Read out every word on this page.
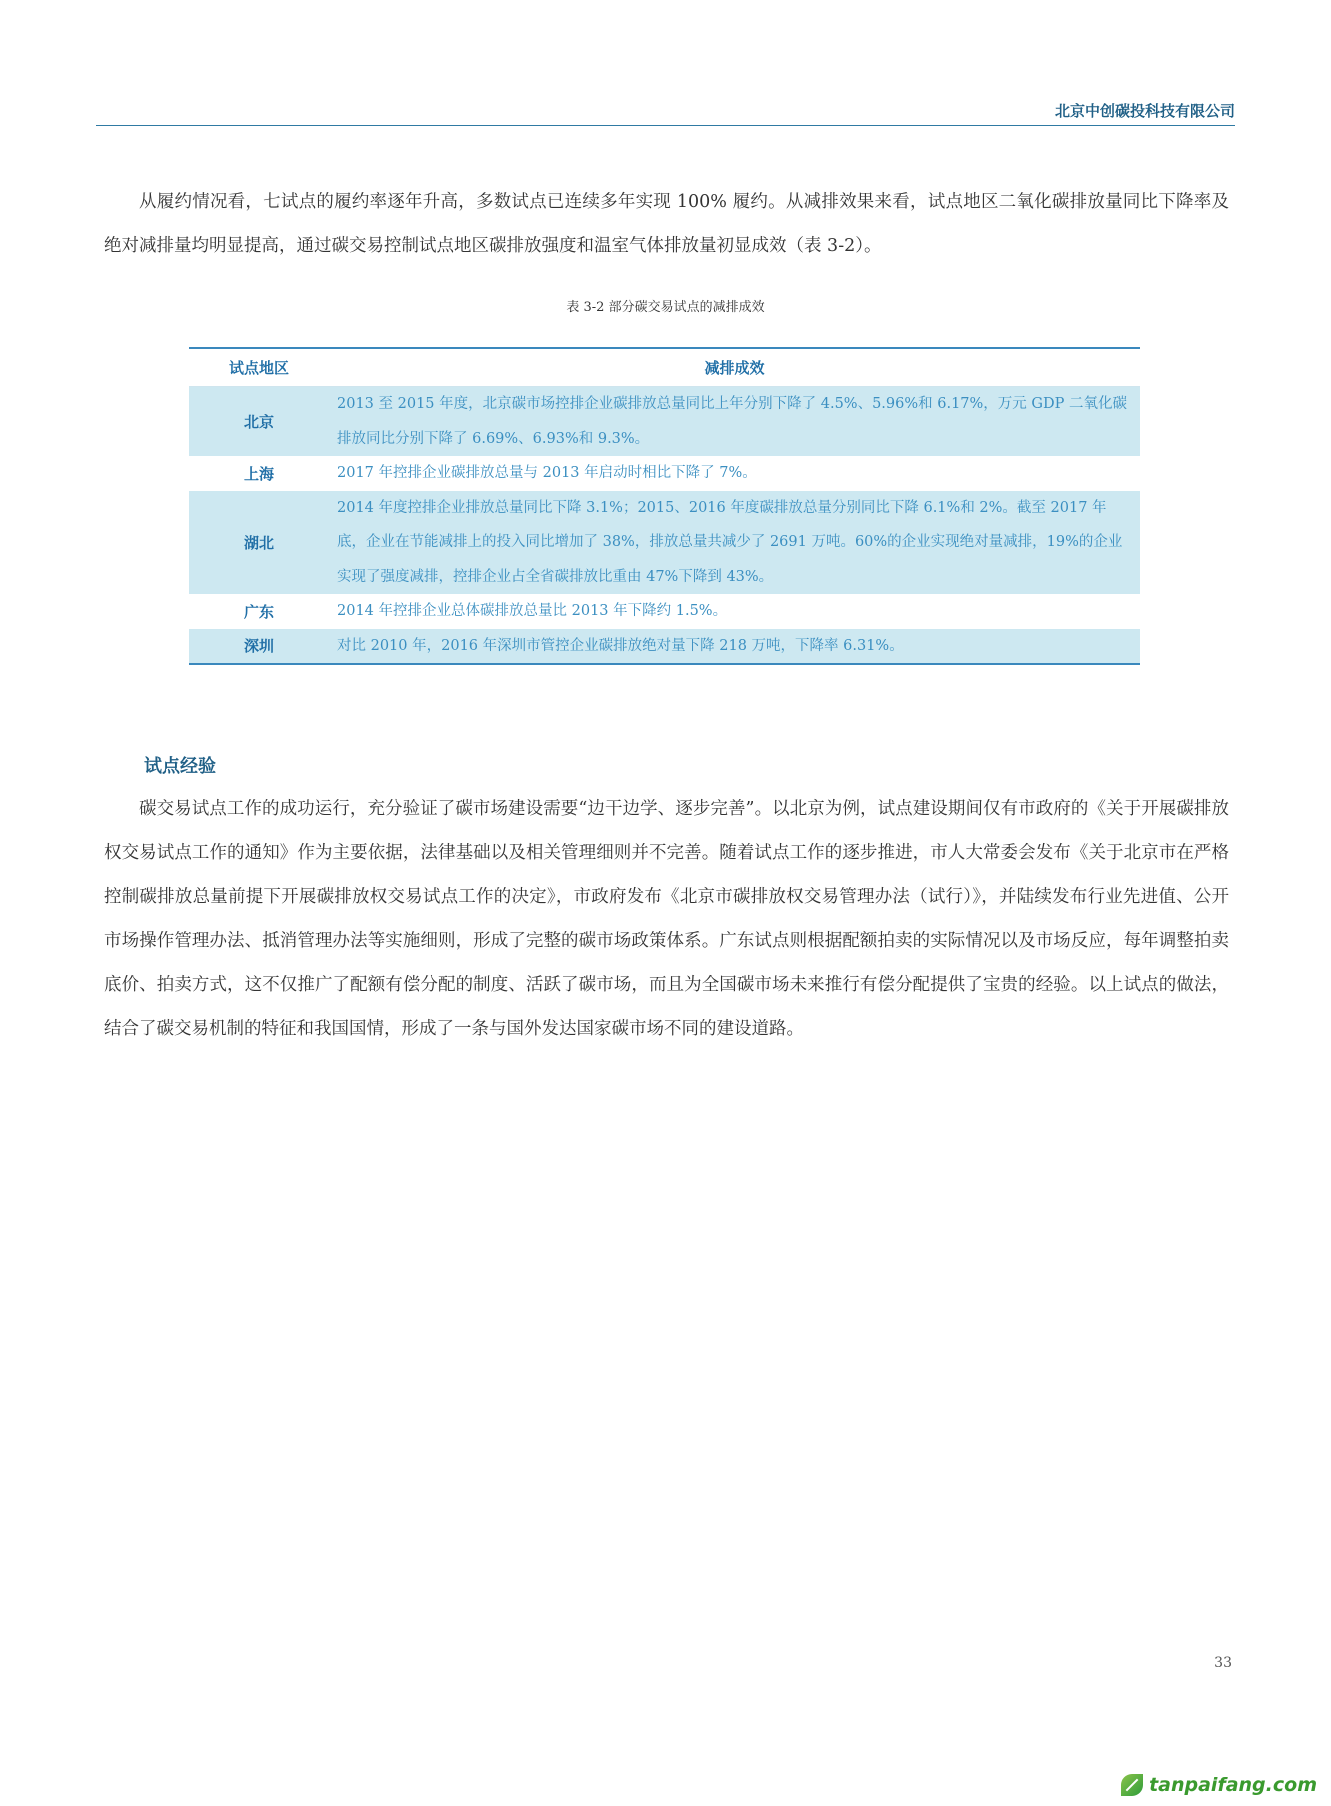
北京中创碳投科技有限公司

从履约情况看，七试点的履约率逐年升高，多数试点已连续多年实现 100% 履约。从减排效果来看，试点地区二氧化碳排放量同比下降率及绝对减排量均明显提高，通过碳交易控制试点地区碳排放强度和温室气体排放量初显成效（表 3-2）。

表 3-2 部分碳交易试点的减排成效

试点地区	减排成效
北京	2013 至 2015 年度，北京碳市场控排企业碳排放总量同比上年分别下降了 4.5%、5.96%和 6.17%，万元 GDP 二氧化碳排放同比分别下降了 6.69%、6.93%和 9.3%。
上海	2017 年控排企业碳排放总量与 2013 年启动时相比下降了 7%。
湖北	2014 年度控排企业排放总量同比下降 3.1%；2015、2016 年度碳排放总量分别同比下降 6.1%和 2%。截至 2017 年底，企业在节能减排上的投入同比增加了 38%，排放总量共减少了 2691 万吨。60%的企业实现绝对量减排，19%的企业实现了强度减排，控排企业占全省碳排放比重由 47%下降到 43%。
广东	2014 年控排企业总体碳排放总量比 2013 年下降约 1.5%。
深圳	对比 2010 年，2016 年深圳市管控企业碳排放绝对量下降 218 万吨，下降率 6.31%。
试点经验

碳交易试点工作的成功运行，充分验证了碳市场建设需要“边干边学、逐步完善”。以北京为例，试点建设期间仅有市政府的《关于开展碳排放权交易试点工作的通知》作为主要依据，法律基础以及相关管理细则并不完善。随着试点工作的逐步推进，市人大常委会发布《关于北京市在严格控制碳排放总量前提下开展碳排放权交易试点工作的决定》，市政府发布《北京市碳排放权交易管理办法（试行）》，并陆续发布行业先进值、公开市场操作管理办法、抵消管理办法等实施细则，形成了完整的碳市场政策体系。广东试点则根据配额拍卖的实际情况以及市场反应，每年调整拍卖底价、拍卖方式，这不仅推广了配额有偿分配的制度、活跃了碳市场，而且为全国碳市场未来推行有偿分配提供了宝贵的经验。以上试点的做法，结合了碳交易机制的特征和我国国情，形成了一条与国外发达国家碳市场不同的建设道路。

33

tanpaifang.com
